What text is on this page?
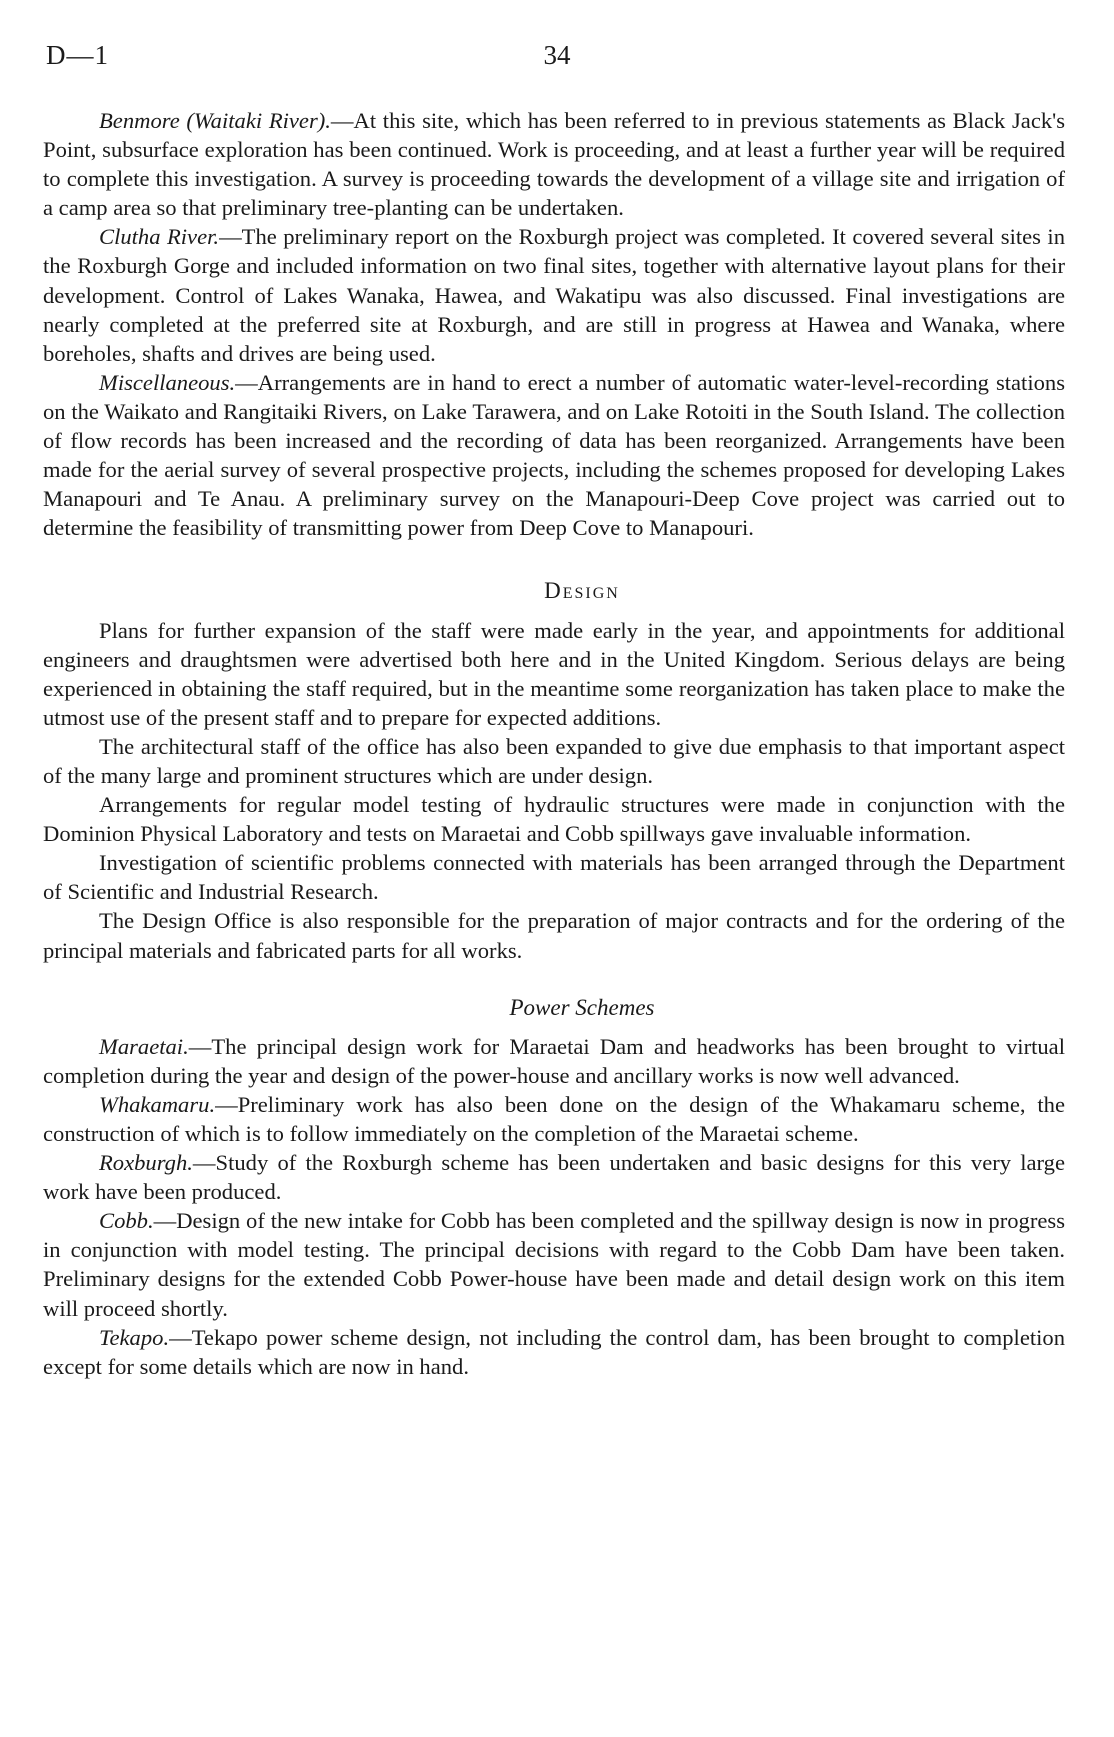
D—1	34

Benmore (Waitaki River).—At this site, which has been referred to in previous statements as Black Jack's Point, subsurface exploration has been continued. Work is proceeding, and at least a further year will be required to complete this investigation. A survey is proceeding towards the development of a village site and irrigation of a camp area so that preliminary tree-planting can be undertaken.

Clutha River.—The preliminary report on the Roxburgh project was completed. It covered several sites in the Roxburgh Gorge and included information on two final sites, together with alternative layout plans for their development. Control of Lakes Wanaka, Hawea, and Wakatipu was also discussed. Final investigations are nearly completed at the preferred site at Roxburgh, and are still in progress at Hawea and Wanaka, where boreholes, shafts and drives are being used.

Miscellaneous.—Arrangements are in hand to erect a number of automatic water-level-recording stations on the Waikato and Rangitaiki Rivers, on Lake Tarawera, and on Lake Rotoiti in the South Island. The collection of flow records has been increased and the recording of data has been reorganized. Arrangements have been made for the aerial survey of several prospective projects, including the schemes proposed for developing Lakes Manapouri and Te Anau. A preliminary survey on the Manapouri-Deep Cove project was carried out to determine the feasibility of transmitting power from Deep Cove to Manapouri.

Design

Plans for further expansion of the staff were made early in the year, and appointments for additional engineers and draughtsmen were advertised both here and in the United Kingdom. Serious delays are being experienced in obtaining the staff required, but in the meantime some reorganization has taken place to make the utmost use of the present staff and to prepare for expected additions.

The architectural staff of the office has also been expanded to give due emphasis to that important aspect of the many large and prominent structures which are under design.

Arrangements for regular model testing of hydraulic structures were made in conjunction with the Dominion Physical Laboratory and tests on Maraetai and Cobb spillways gave invaluable information.

Investigation of scientific problems connected with materials has been arranged through the Department of Scientific and Industrial Research.

The Design Office is also responsible for the preparation of major contracts and for the ordering of the principal materials and fabricated parts for all works.

Power Schemes

Maraetai.—The principal design work for Maraetai Dam and headworks has been brought to virtual completion during the year and design of the power-house and ancillary works is now well advanced.

Whakamaru.—Preliminary work has also been done on the design of the Whakamaru scheme, the construction of which is to follow immediately on the completion of the Maraetai scheme.

Roxburgh.—Study of the Roxburgh scheme has been undertaken and basic designs for this very large work have been produced.

Cobb.—Design of the new intake for Cobb has been completed and the spillway design is now in progress in conjunction with model testing. The principal decisions with regard to the Cobb Dam have been taken. Preliminary designs for the extended Cobb Power-house have been made and detail design work on this item will proceed shortly.

Tekapo.—Tekapo power scheme design, not including the control dam, has been brought to completion except for some details which are now in hand.
